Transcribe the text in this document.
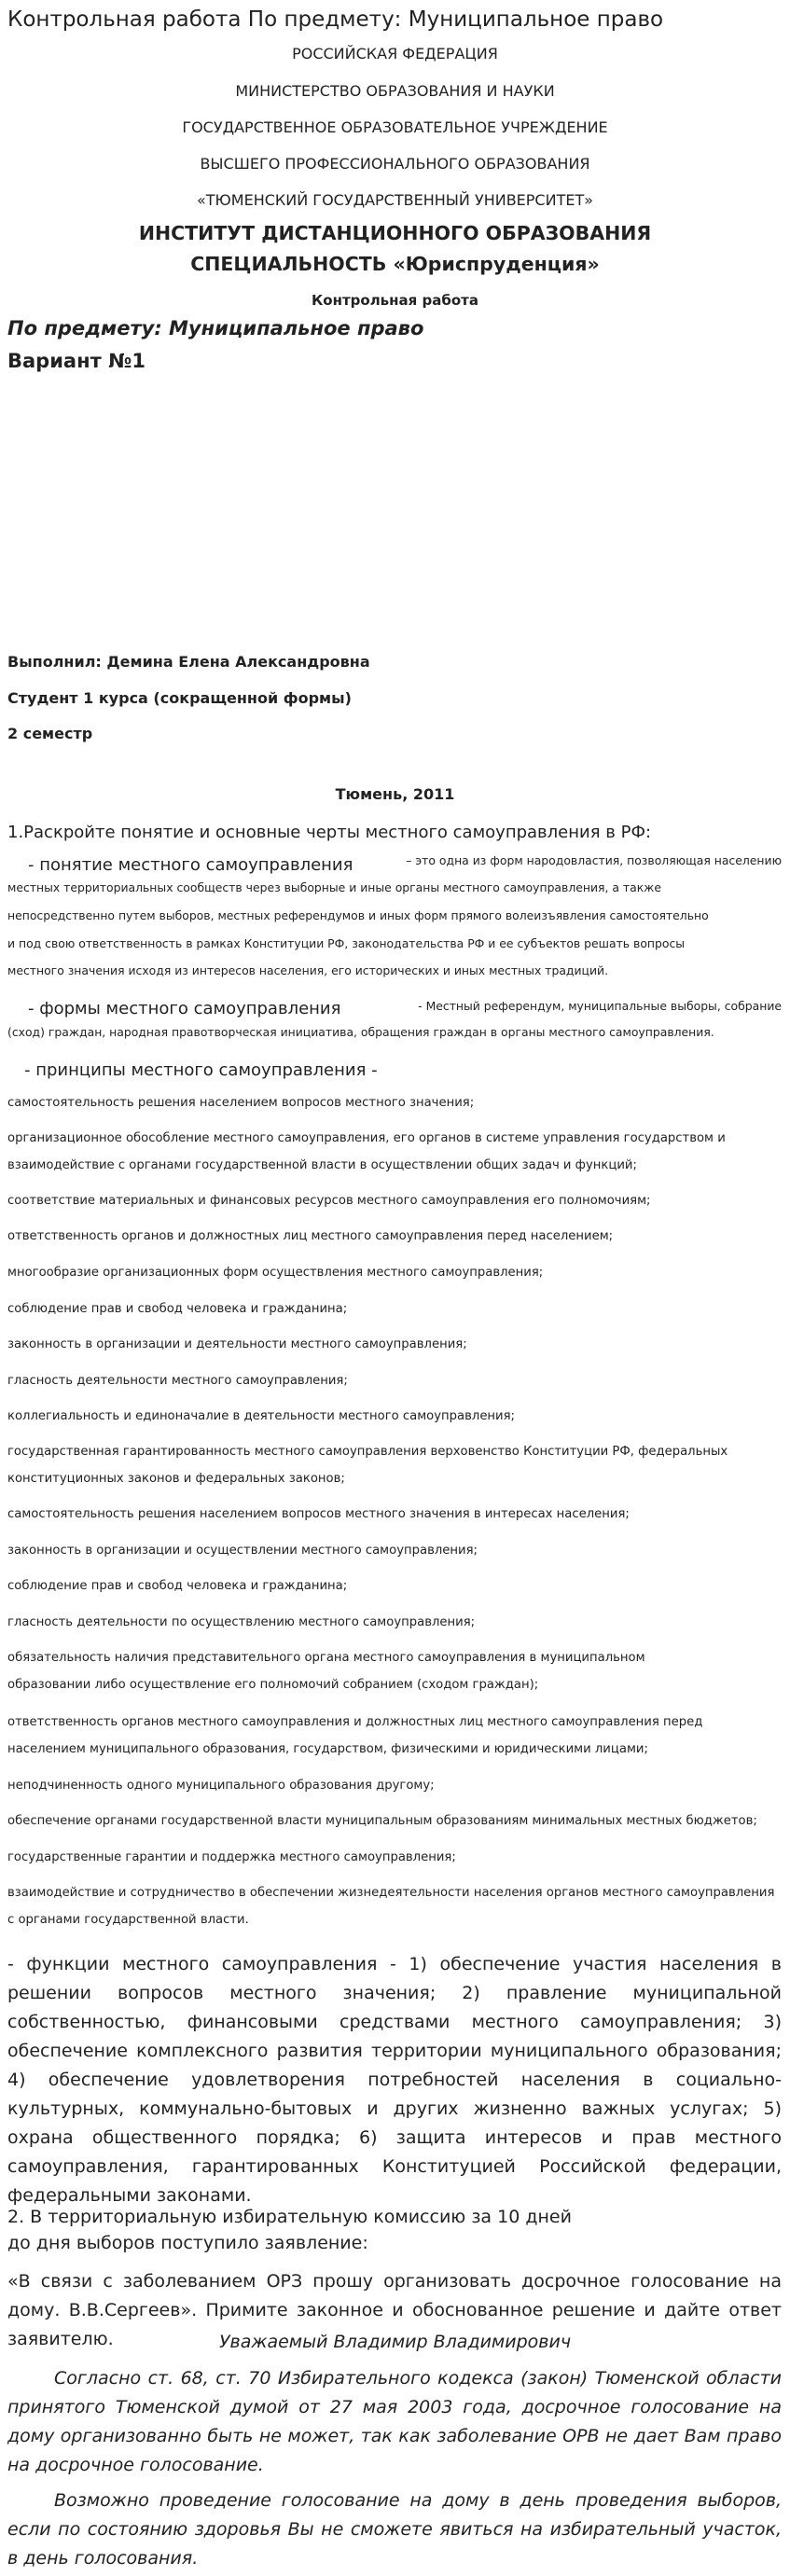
Контрольная работа По предмету: Муниципальное право
РОССИЙСКАЯ ФЕДЕРАЦИЯ
МИНИСТЕРСТВО ОБРАЗОВАНИЯ И НАУКИ
ГОСУДАРСТВЕННОЕ ОБРАЗОВАТЕЛЬНОЕ УЧРЕЖДЕНИЕ
ВЫСШЕГО ПРОФЕССИОНАЛЬНОГО ОБРАЗОВАНИЯ
«ТЮМЕНСКИЙ ГОСУДАРСТВЕННЫЙ УНИВЕРСИТЕТ»
ИНСТИТУТ ДИСТАНЦИОННОГО ОБРАЗОВАНИЯ
СПЕЦИАЛЬНОСТЬ «Юриспруденция»
Контрольная работа
По предмету: Муниципальное право
Вариант №1
Выполнил: Демина Елена Александровна
Студент 1 курса (сокращенной формы)
2 семестр
Тюмень, 2011
1.Раскройте понятие и основные черты местного самоуправления в РФ:
- понятие местного самоуправления	– это одна из форм народовластия, позволяющая населению
местных территориальных сообществ через выборные и иные органы местного самоуправления, а также
непосредственно путем выборов, местных референдумов и иных форм прямого волеизъявления самостоятельно
и под свою ответственность в рамках Конституции РФ, законодательства РФ и ее субъектов решать вопросы
местного значения исходя из интересов населения, его исторических и иных местных традиций.
- формы местного самоуправления	- Местный референдум, муниципальные выборы, собрание
(сход) граждан, народная правотворческая инициатива, обращения граждан в органы местного самоуправления.
- принципы местного самоуправления -
самостоятельность решения населением вопросов местного значения;
организационное обособление местного самоуправления, его органов в системе управления государством и взаимодействие с органами государственной власти в осуществлении общих задач и функций;
соответствие материальных и финансовых ресурсов местного самоуправления его полномочиям;
ответственность органов и должностных лиц местного самоуправления перед населением;
многообразие организационных форм осуществления местного самоуправления;
соблюдение прав и свобод человека и гражданина;
законность в организации и деятельности местного самоуправления;
гласность деятельности местного самоуправления;
коллегиальность и единоначалие в деятельности местного самоуправления;
государственная гарантированность местного самоуправления верховенство Конституции РФ, федеральных конституционных законов и федеральных законов;
самостоятельность решения населением вопросов местного значения в интересах населения;
законность в организации и осуществлении местного самоуправления;
соблюдение прав и свобод человека и гражданина;
гласность деятельности по осуществлению местного самоуправления;
обязательность наличия представительного органа местного самоуправления в муниципальном образовании либо осуществление его полномочий собранием (сходом граждан);
ответственность органов местного самоуправления и должностных лиц местного самоуправления перед населением муниципального образования, государством, физическими и юридическими лицами;
неподчиненность одного муниципального образования другому;
обеспечение органами государственной власти муниципальным образованиям минимальных местных бюджетов;
государственные гарантии и поддержка местного самоуправления;
взаимодействие и сотрудничество в обеспечении жизнедеятельности населения органов местного самоуправления с органами государственной власти.
- функции местного самоуправления - 1) обеспечение участия населения в решении вопросов местного значения; 2) правление муниципальной собственностью, финансовыми средствами местного самоуправления; 3) обеспечение комплексного развития территории муниципального образования; 4) обеспечение удовлетворения потребностей населения в социально-культурных, коммунально-бытовых и других жизненно важных услугах; 5) охрана общественного порядка; 6) защита интересов и прав местного самоуправления, гарантированных Конституцией Российской федерации, федеральными законами.
2. В территориальную избирательную комиссию за 10 дней
до дня выборов поступило заявление:
«В связи с заболеванием ОРЗ прошу организовать досрочное голосование на дому. В.В.Сергеев». Примите законное и обоснованное решение и дайте ответ заявителю.	Уважаемый Владимир Владимирович
Согласно ст. 68, ст. 70 Избирательного кодекса (закон) Тюменской области принятого Тюменской думой от 27 мая 2003 года, досрочное голосование на дому организованно быть не может, так как заболевание ОРВ не дает Вам право на досрочное голосование.
Возможно проведение голосование на дому в день проведения выборов, если по состоянию здоровья Вы не сможете явиться на избирательный участок, в день голосования.
